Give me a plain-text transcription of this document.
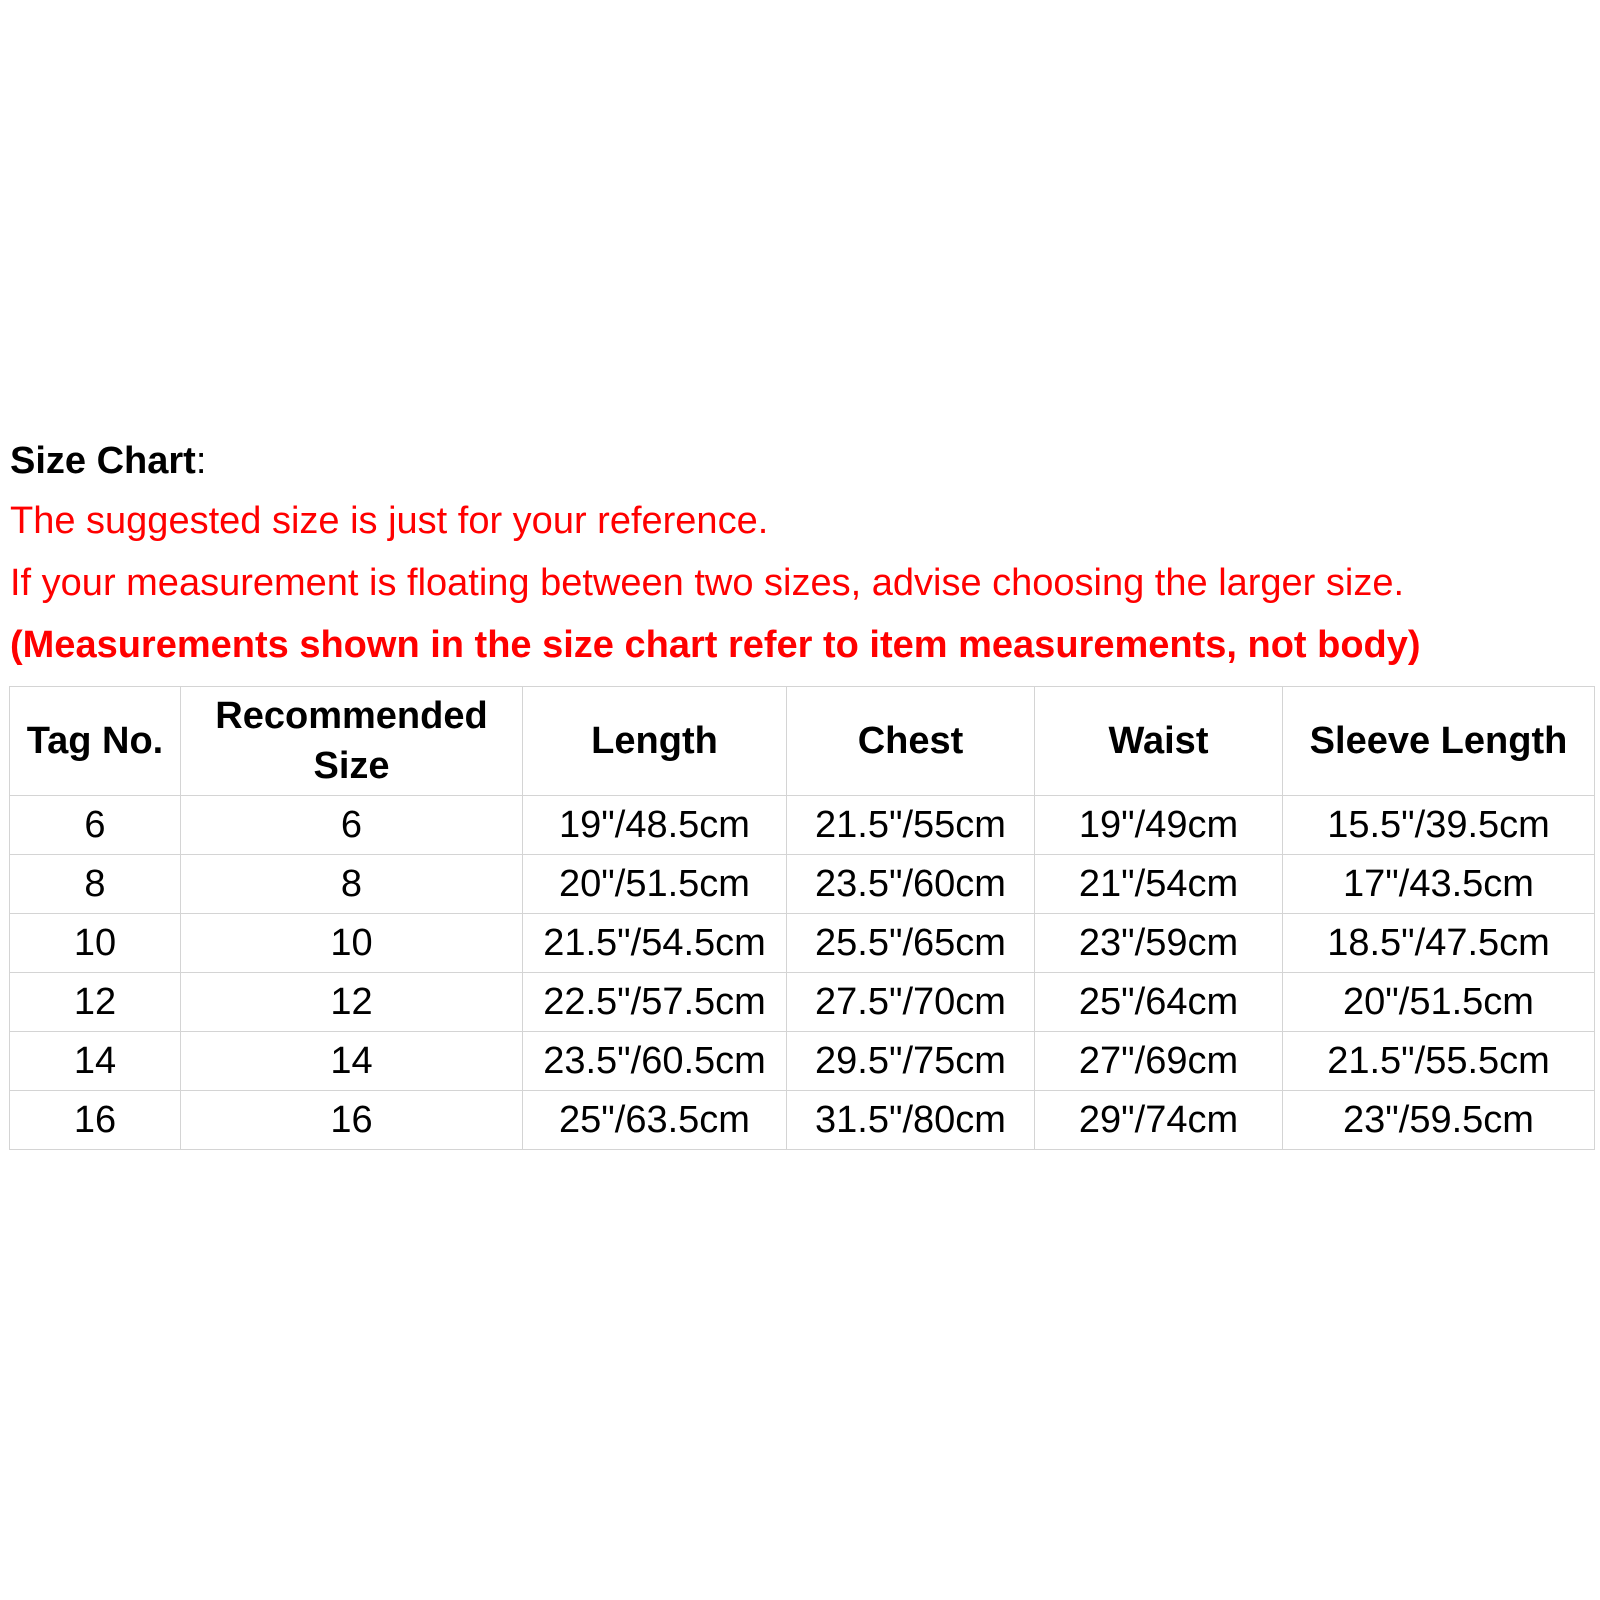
Size Chart:
The suggested size is just for your reference.
If your measurement is floating between two sizes, advise choosing the larger size.
(Measurements shown in the size chart refer to item measurements, not body)
Tag No.	Recommended Size	Length	Chest	Waist	Sleeve Length
6	6	19"/48.5cm	21.5"/55cm	19"/49cm	15.5"/39.5cm
8	8	20"/51.5cm	23.5"/60cm	21"/54cm	17"/43.5cm
10	10	21.5"/54.5cm	25.5"/65cm	23"/59cm	18.5"/47.5cm
12	12	22.5"/57.5cm	27.5"/70cm	25"/64cm	20"/51.5cm
14	14	23.5"/60.5cm	29.5"/75cm	27"/69cm	21.5"/55.5cm
16	16	25"/63.5cm	31.5"/80cm	29"/74cm	23"/59.5cm
